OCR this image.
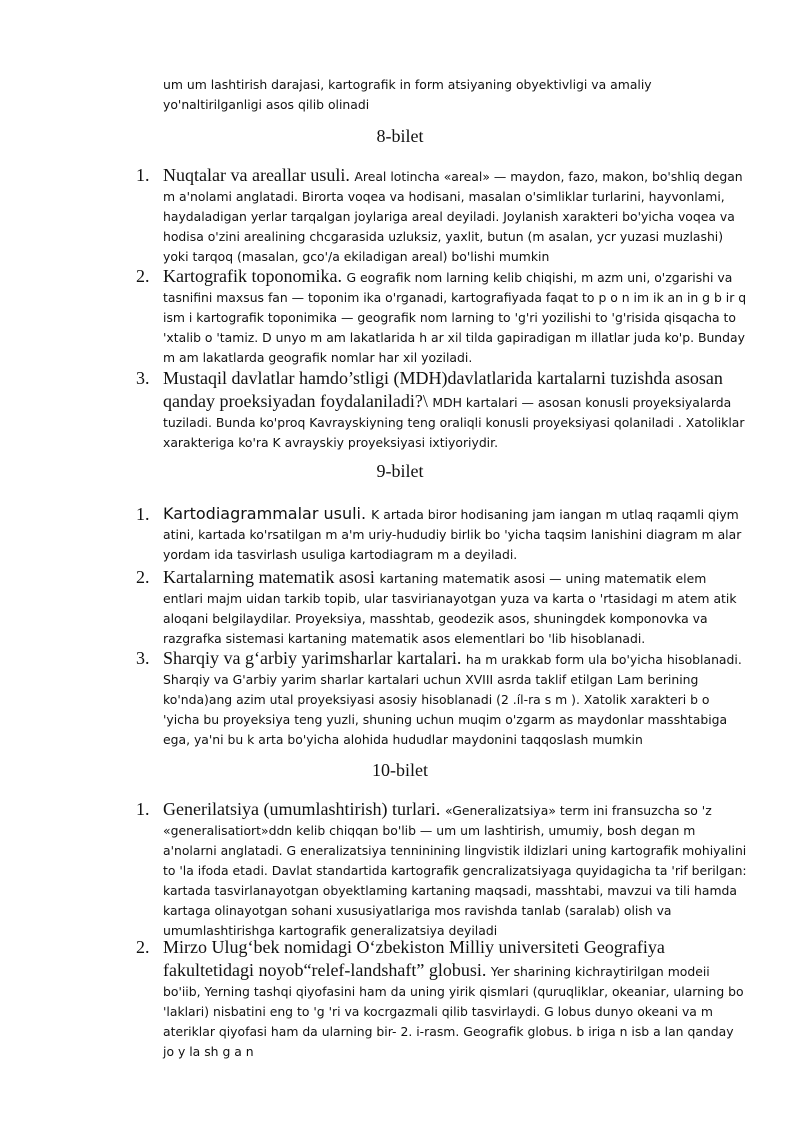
um um lashtirish darajasi, kartografik in form atsiyaning obyektivligi va amaliy yo'naltirilganligi asos qilib olinadi
8-bilet
1. Nuqtalar va areallar usuli. Areal lotincha «areal» — maydon, fazo, makon, bo'shliq degan m a'nolami anglatadi. Birorta voqea va hodisani, masalan o'simliklar turlarini, hayvonlami, haydaladigan yerlar tarqalgan joylariga areal deyiladi. Joylanish xarakteri bo'yicha voqea va hodisa o'zini arealining chcgarasida uzluksiz, yaxlit, butun (m asalan, ycr yuzasi muzlashi) yoki tarqoq (masalan, gco'/a ekiladigan areal) bo'lishi mumkin
2. Kartografik toponomika. G eografik nom larning kelib chiqishi, m azm uni, o'zgarishi va tasnifini maxsus fan — toponim ika o'rganadi, kartografiyada faqat to p o n im ik an in g b ir q ism i kartografik toponimika — geografik nom larning to 'g'ri yozilishi to 'g'risida qisqacha to 'xtalib o 'tamiz. D unyo m am lakatlarida h ar xil tilda gapiradigan m illatlar juda ko'p. Bunday m am lakatlarda geografik nomlar har xil yoziladi.
3. Mustaqil davlatlar hamdo’stligi (MDH)davlatlarida kartalarni tuzishda asosan qanday proeksiyadan foydalaniladi?\ MDH kartalari — asosan konusli proyeksiyalarda tuziladi. Bunda ko'proq Kavrayskiyning teng oraliqli konusli proyeksiyasi qolaniladi . Xatoliklar xarakteriga ko'ra K avrayskiy proyeksiyasi ixtiyoriydir.
9-bilet
1. Kartodiagrammalar usuli. K artada biror hodisaning jam iangan m utlaq raqamli qiym atini, kartada ko'rsatilgan m a'm uriy-hududiy birlik bo 'yicha taqsim lanishini diagram m alar yordam ida tasvirlash usuliga kartodiagram m a deyiladi.
2. Kartalarning matematik asosi kartaning matematik asosi — uning matematik elem entlari majm uidan tarkib topib, ular tasvirianayotgan yuza va karta o 'rtasidagi m atem atik aloqani belgilaydilar. Proyeksiya, masshtab, geodezik asos, shuningdek komponovka va razgrafka sistemasi kartaning matematik asos elementlari bo 'lib hisoblanadi.
3. Sharqiy va g‘arbiy yarimsharlar kartalari. ha m urakkab form ula bo'yicha hisoblanadi. Sharqiy va G'arbiy yarim sharlar kartalari uchun XVIII asrda taklif etilgan Lam berining ko'nda)ang azim utal proyeksiyasi asosiy hisoblanadi (2 .íl-ra s m ). Xatolik xarakteri b o 'yicha bu proyeksiya teng yuzli, shuning uchun muqim o'zgarm as maydonlar masshtabiga ega, ya'ni bu k arta bo'yicha alohida hududlar maydonini taqqoslash mumkin
10-bilet
1. Generilatsiya (umumlashtirish) turlari. «Generalizatsiya» term ini fransuzcha so 'z «generalisatiort»ddn kelib chiqqan bo'lib — um um lashtirish, umumiy, bosh degan m a'nolarni anglatadi. G eneralizatsiya tenninining lingvistik ildizlari uning kartografik mohiyalini to 'la ifoda etadi. Davlat standartida kartografik gencralizatsiyaga quyidagicha ta 'rif berilgan: kartada tasvirlanayotgan obyektlaming kartaning maqsadi, masshtabi, mavzui va tili hamda kartaga olinayotgan sohani xususiyatlariga mos ravishda tanlab (saralab) olish va umumlashtirishga kartografik generalizatsiya deyiladi
2. Mirzo Ulug‘bek nomidagi O‘zbekiston Milliy universiteti Geografiya fakultetidagi noyob“relef-landshaft” globusi. Yer sharining kichraytirilgan modeii bo'iib, Yerning tashqi qiyofasini ham da uning yirik qismlari (quruqliklar, okeaniar, ularning bo 'laklari) nisbatini eng to 'g 'ri va kocrgazmali qilib tasvirlaydi. G lobus dunyo okeani va m ateriklar qiyofasi ham da ularning bir- 2. i-rasm. Geografik globus. b iriga n isb a lan qanday jo y la sh g a n
